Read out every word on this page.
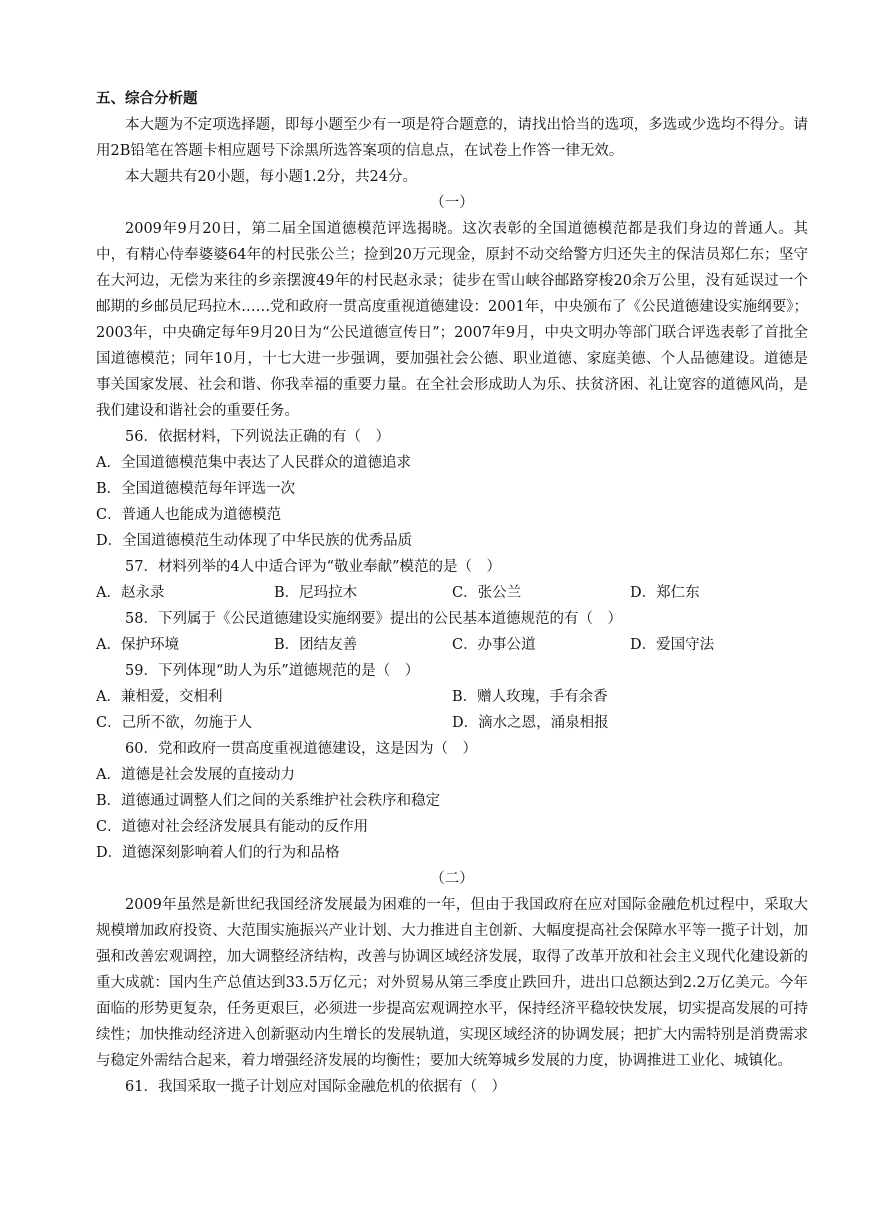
五、综合分析题
本大题为不定项选择题，即每小题至少有一项是符合题意的，请找出恰当的选项，多选或少选均不得分。请用2B铅笔在答题卡相应题号下涂黑所选答案项的信息点，在试卷上作答一律无效。
本大题共有20小题，每小题1.2分，共24分。
（一）
2009年9月20日，第二届全国道德模范评选揭晓。这次表彰的全国道德模范都是我们身边的普通人。其中，有精心侍奉婆婆64年的村民张公兰；捡到20万元现金，原封不动交给警方归还失主的保洁员郑仁东；坚守在大河边，无偿为来往的乡亲摆渡49年的村民赵永录；徒步在雪山峡谷邮路穿梭20余万公里，没有延误过一个邮期的乡邮员尼玛拉木……党和政府一贯高度重视道德建设：2001年，中央颁布了《公民道德建设实施纲要》；2003年，中央确定每年9月20日为“公民道德宣传日”；2007年9月，中央文明办等部门联合评选表彰了首批全国道德模范；同年10月，十七大进一步强调，要加强社会公德、职业道德、家庭美德、个人品德建设。道德是事关国家发展、社会和谐、你我幸福的重要力量。在全社会形成助人为乐、扶贫济困、礼让宽容的道德风尚，是我们建设和谐社会的重要任务。
56．依据材料，下列说法正确的有（　）
A．全国道德模范集中表达了人民群众的道德追求
B．全国道德模范每年评选一次
C．普通人也能成为道德模范
D．全国道德模范生动体现了中华民族的优秀品质
57．材料列举的4人中适合评为“敬业奉献”模范的是（　）
A．赵永录	B．尼玛拉木	C．张公兰	D．郑仁东
58．下列属于《公民道德建设实施纲要》提出的公民基本道德规范的有（　）
A．保护环境	B．团结友善	C．办事公道	D．爱国守法
59．下列体现“助人为乐”道德规范的是（　）
A．兼相爱，交相利	B．赠人玫瑰，手有余香
C．己所不欲，勿施于人	D．滴水之恩，涌泉相报
60．党和政府一贯高度重视道德建设，这是因为（　）
A．道德是社会发展的直接动力
B．道德通过调整人们之间的关系维护社会秩序和稳定
C．道德对社会经济发展具有能动的反作用
D．道德深刻影响着人们的行为和品格
（二）
2009年虽然是新世纪我国经济发展最为困难的一年，但由于我国政府在应对国际金融危机过程中，采取大规模增加政府投资、大范围实施振兴产业计划、大力推进自主创新、大幅度提高社会保障水平等一揽子计划，加强和改善宏观调控，加大调整经济结构，改善与协调区域经济发展，取得了改革开放和社会主义现代化建设新的重大成就：国内生产总值达到33.5万亿元；对外贸易从第三季度止跌回升，进出口总额达到2.2万亿美元。今年面临的形势更复杂，任务更艰巨，必须进一步提高宏观调控水平，保持经济平稳较快发展，切实提高发展的可持续性；加快推动经济进入创新驱动内生增长的发展轨道，实现区域经济的协调发展；把扩大内需特别是消费需求与稳定外需结合起来，着力增强经济发展的均衡性；要加大统筹城乡发展的力度，协调推进工业化、城镇化。
61．我国采取一揽子计划应对国际金融危机的依据有（　）
